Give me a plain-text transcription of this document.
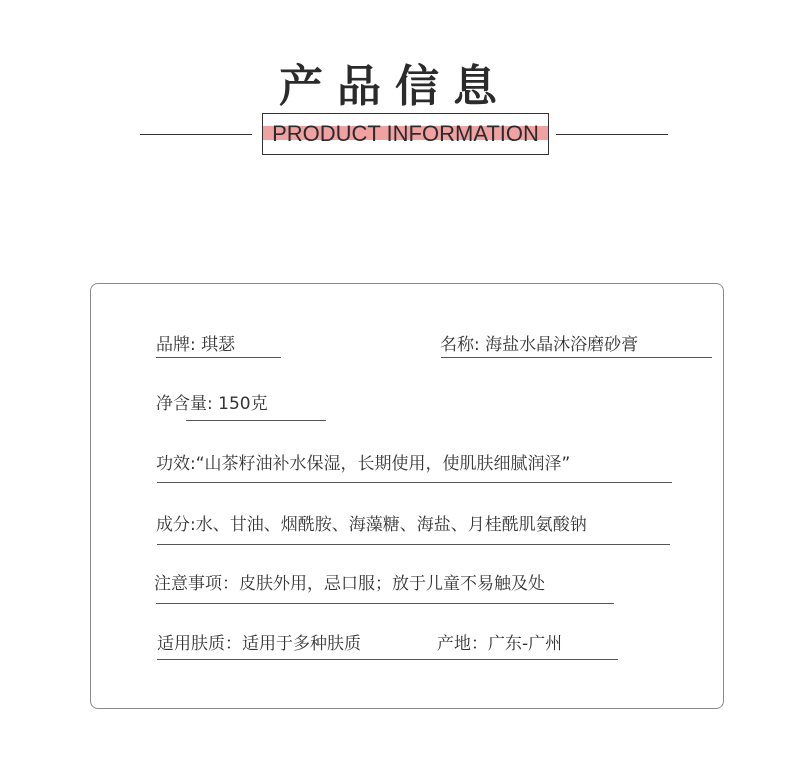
产品信息
PRODUCT INFORMATION
品牌: 琪瑟	名称: 海盐水晶沐浴磨砂膏
净含量: 150克
功效:“山茶籽油补水保湿，长期使用，使肌肤细腻润泽”
成分:水、甘油、烟酰胺、海藻糖、海盐、月桂酰肌氨酸钠
注意事项：皮肤外用，忌口服；放于儿童不易触及处
适用肤质：适用于多种肤质	产地：广东-广州
